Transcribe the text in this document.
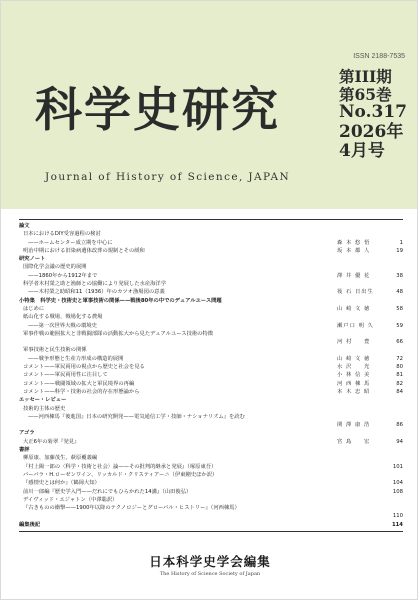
ISSN 2188-7535
科学史研究
Journal of History of Science, JAPAN
第III期
第65巻
No.317
2026年
4月号
論文
日本におけるDIY受容過程の検討
——ホームセンター成立期を中心に	森 本 悠 悟	1
明治中期における旧染病遺体改葬の規制とその緩和	坂 本 都 人	19
研究ノート
国際化学会議の歴史的展開
——1860年から1912年まで	澤 井 優 花	38
科学者木村榮之助と漁師との協働により発展した水産海洋学
——木村榮之助昭和11（1936）年のカツオ漁場図の意義	筏 石 日出生	48
小特集　科学史・技術史と軍事技術の関係——戦後80年の中でのデュアルユース問題
はじめに	山 崎 文 徳	58
紙山化する戦場、戦場化する農場
——第一次世界大戦の環境史	瀬戸口 明 久	59
軍事作戦の範囲拡大と非戦闘部隊の活動拡大から見たデュアルユース技術の特徴
河 村 　 豊	66
軍事技術と民生技術の関係
——戦争形態と生産力形成の構造的展開	山 崎 文 徳	72
コメント——軍民両用の視点から歴史と社会を見る	水 沢 　 光	80
コメント——軍民両用性に注目して	小 林 信 美	81
コメント——戦闘領域の拡大と軍民境界の再編	河 西 棟 馬	82
コメント——科学・技術の社会的存在形態論から	本 木 忠 昭	84
エッセー・レビュー
技術的主体の歴史
——河西棟馬『後進国』日本の研究開発——電気通信工学・技師・ナショナリズム』を読む
関 澤 康 浩	86
アゴラ
大正6年の菊翠『発見』	宮 島 　 宏	94
書評
柳原康、加藤茂生、萩原覆義編
『村上陽一郎の〈科学・技術と社会〉論——その批判的継承と発展』（塚原東吾）	101
バーバラ・H.ローゼンワイン、リッカルド・クリスティアーニ（伊東剛史ほか訳）
『感情史とは何か』（鶴岡大知）	104
前川一郎編『歴史学入門——だれにでもひらかれた14講』（山田俊弘）	108
デイヴィッド・エジャトン（中澤聡訳）
『古きものの衝撃——1900年以降のテクノロジーとグローバル・ヒストリー』（河西棟馬）
110
編集後記	114
日本科学史学会編集
The History of Science Society of Japan
